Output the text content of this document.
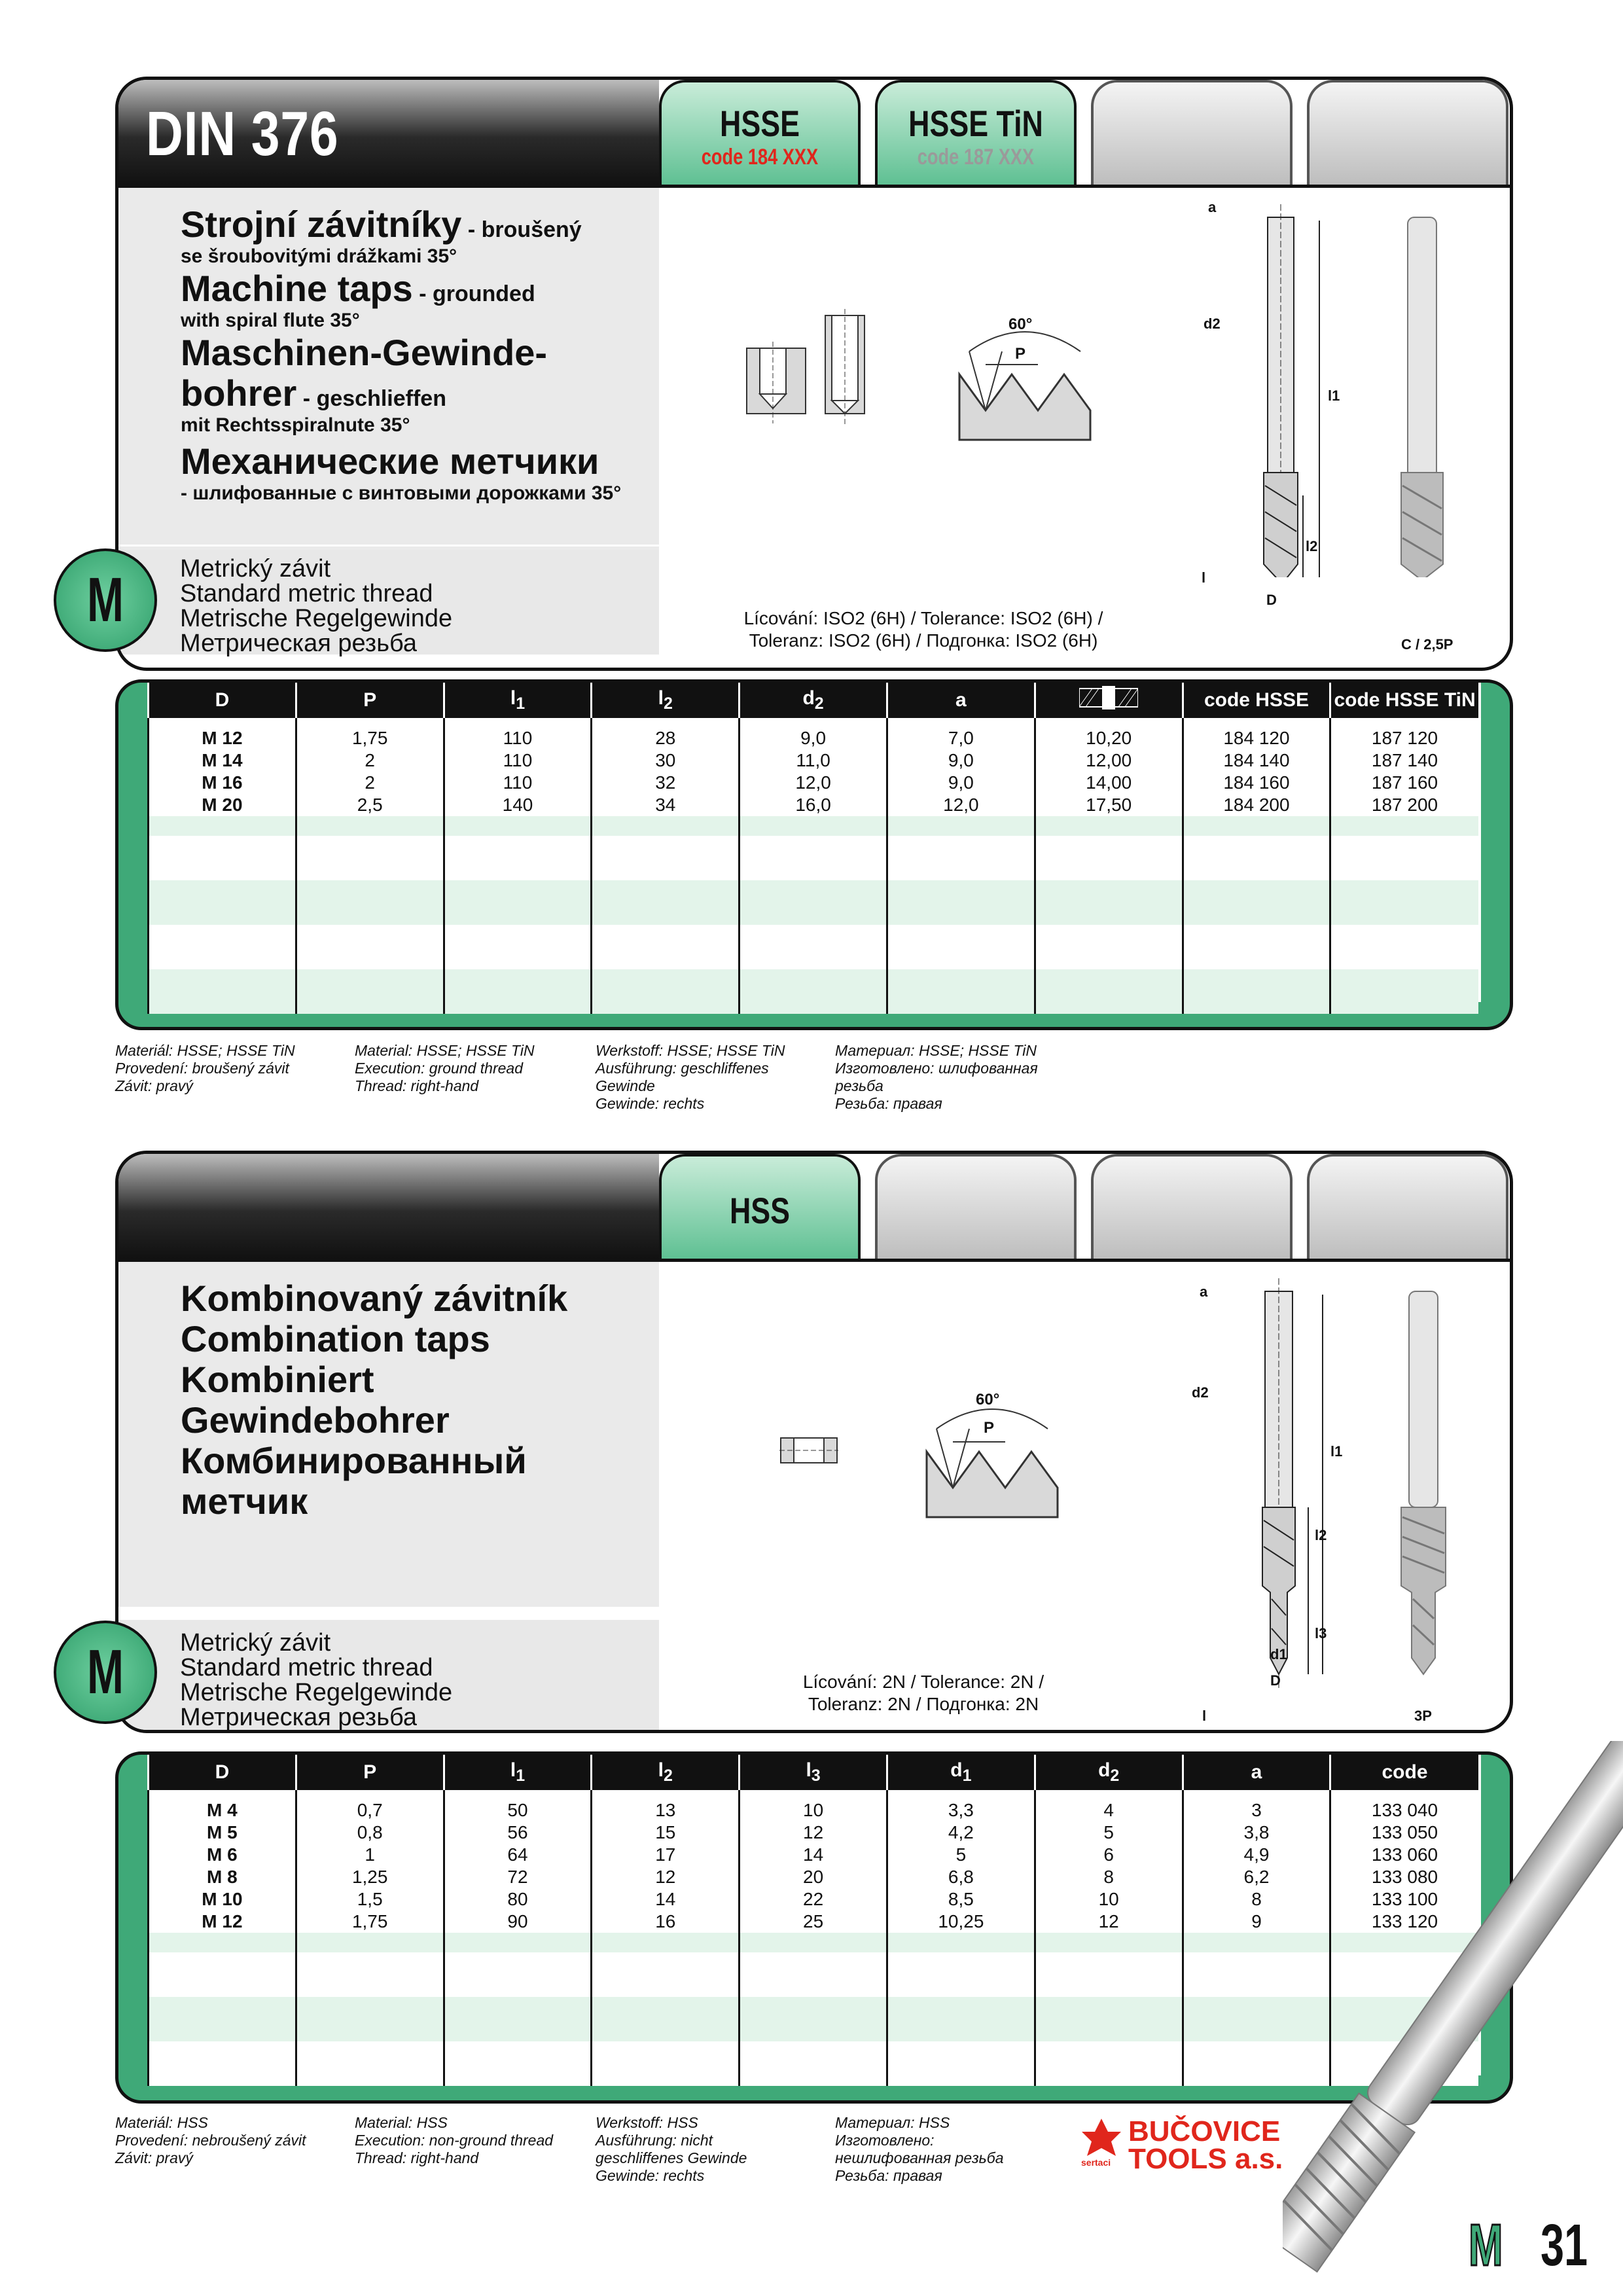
DIN 376	HSSE
code 184 XXX
HSSE TiN
code 187 XXX
Strojní závitníky - broušený
se šroubovitými drážkami 35°
Machine taps - grounded
with spiral flute 35°
Maschinen-Gewinde-
bohrer - geschlieffen
mit Rechtsspiralnute 35°
Механические метчики
- шлифованные с винтовыми дорожками 35°
Metrický závit
Standard metric thread
Metrische Regelgewinde
Метрическая резьба
60°
P
a
d2
l1
l2
l
D
C / 2,5P
Lícování: ISO2 (6H) / Tolerance: ISO2 (6H) /
Toleranz: ISO2 (6H) / Подгонка: ISO2 (6H)
M
D	P	$l_1$	$l_2$	$d_2$	a		code HSSE	code HSSE TiN
M 12	1,75	110	28	9,0	7,0	10,20	184 120	187 120
M 14	2	110	30	11,0	9,0	12,00	184 140	187 140
M 16	2	110	32	12,0	9,0	14,00	184 160	187 160
M 20	2,5	140	34	16,0	12,0	17,50	184 200	187 200

Materiál: HSSE; HSSE TiN
Provedení: broušený závit
Závit: pravý
Material: HSSE; HSSE TiN
Execution: ground thread
Thread: right-hand
Werkstoff: HSSE; HSSE TiN
Ausführung: geschliffenes
Gewinde
Gewinde: rechts
Материал: HSSE; HSSE TiN
Изготовлено: шлифованная
резьба
Резьба: правая
HSS
Kombinovaný závitník
Combination taps
Kombiniert
Gewindebohrer
Комбинированный
метчик
Metrický závit
Standard metric thread
Metrische Regelgewinde
Метрическая резьба
60°
P
a
d2
l1
l2
l3
d1
D
l	3P
Lícování: 2N / Tolerance: 2N /
Toleranz: 2N / Подгонка: 2N
M
D	P	$l_1$	$l_2$	$l_3$	$d_1$	$d_2$	a	code
M 4	0,7	50	13	10	3,3	4	3	133 040
M 5	0,8	56	15	12	4,2	5	3,8	133 050
M 6	1	64	17	14	5	6	4,9	133 060
M 8	1,25	72	12	20	6,8	8	6,2	133 080
M 10	1,5	80	14	22	8,5	10	8	133 100
M 12	1,75	90	16	25	10,25	12	9	133 120

Materiál: HSS
Provedení: nebroušený závit
Závit: pravý
Material: HSS
Execution: non-ground thread
Thread: right-hand
Werkstoff: HSS
Ausführung: nicht
geschliffenes Gewinde
Gewinde: rechts
Материал: HSS
Изготовлено:
нешлифованная резьба
Резьба: правая
sertaci
BUČOVICE
TOOLS a.s.
M 31
